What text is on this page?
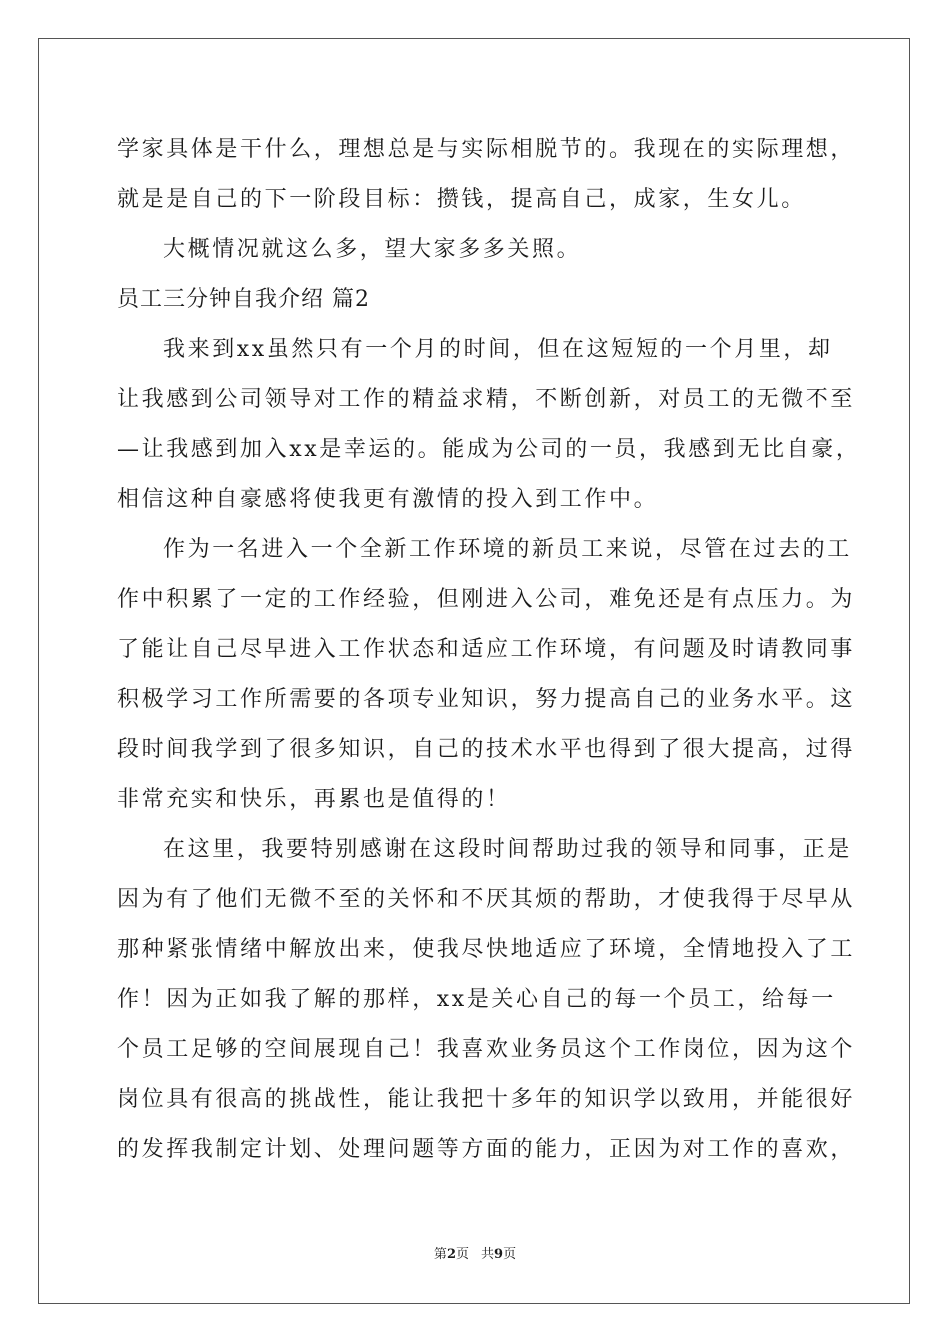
学家具体是干什么，理想总是与实际相脱节的。我现在的实际理想，
就是是自己的下一阶段目标：攒钱，提高自己，成家，生女儿。
大概情况就这么多，望大家多多关照。
员工三分钟自我介绍 篇2
我来到xx虽然只有一个月的时间，但在这短短的一个月里，却
让我感到公司领导对工作的精益求精，不断创新，对员工的无微不至
—让我感到加入xx是幸运的。能成为公司的一员，我感到无比自豪，
相信这种自豪感将使我更有激情的投入到工作中。
作为一名进入一个全新工作环境的新员工来说，尽管在过去的工
作中积累了一定的工作经验，但刚进入公司，难免还是有点压力。为
了能让自己尽早进入工作状态和适应工作环境，有问题及时请教同事
积极学习工作所需要的各项专业知识，努力提高自己的业务水平。这
段时间我学到了很多知识，自己的技术水平也得到了很大提高，过得
非常充实和快乐，再累也是值得的！
在这里，我要特别感谢在这段时间帮助过我的领导和同事，正是
因为有了他们无微不至的关怀和不厌其烦的帮助，才使我得于尽早从
那种紧张情绪中解放出来，使我尽快地适应了环境，全情地投入了工
作！因为正如我了解的那样，xx是关心自己的每一个员工，给每一
个员工足够的空间展现自己！我喜欢业务员这个工作岗位，因为这个
岗位具有很高的挑战性，能让我把十多年的知识学以致用，并能很好
的发挥我制定计划、处理问题等方面的能力，正因为对工作的喜欢，
第2页 共9页
